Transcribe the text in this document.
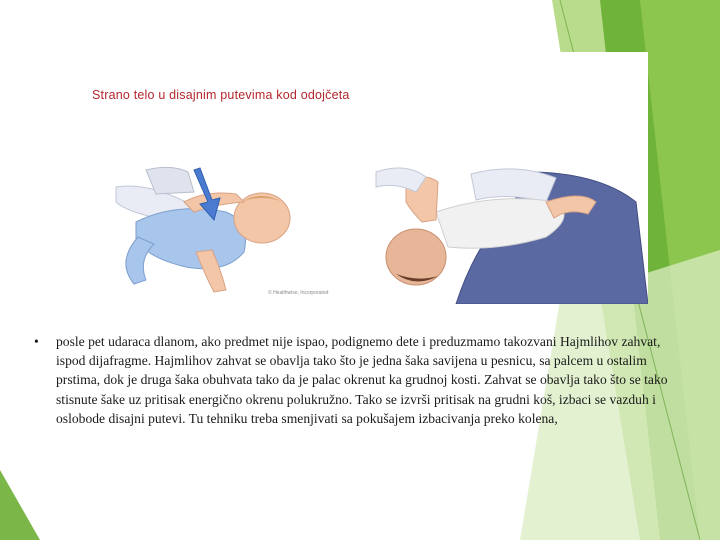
Strano telo u disajnim putevima kod odojčeta
© Healthwise, Incorporated
• posle pet udaraca dlanom, ako predmet nije ispao, podignemo dete i preduzmamo takozvani Hajmlihov zahvat, ispod dijafragme. Hajmlihov zahvat se obavlja tako što je jedna šaka savijena u pesnicu, sa palcem u ostalim prstima, dok je druga šaka obuhvata tako da je palac okrenut ka grudnoj kosti. Zahvat se obavlja tako što se tako stisnute šake uz pritisak energično okrenu polukružno. Tako se izvrši pritisak na grudni koš, izbaci se vazduh i oslobode disajni putevi. Tu tehniku treba smenjivati sa pokušajem izbacivanja preko kolena,
